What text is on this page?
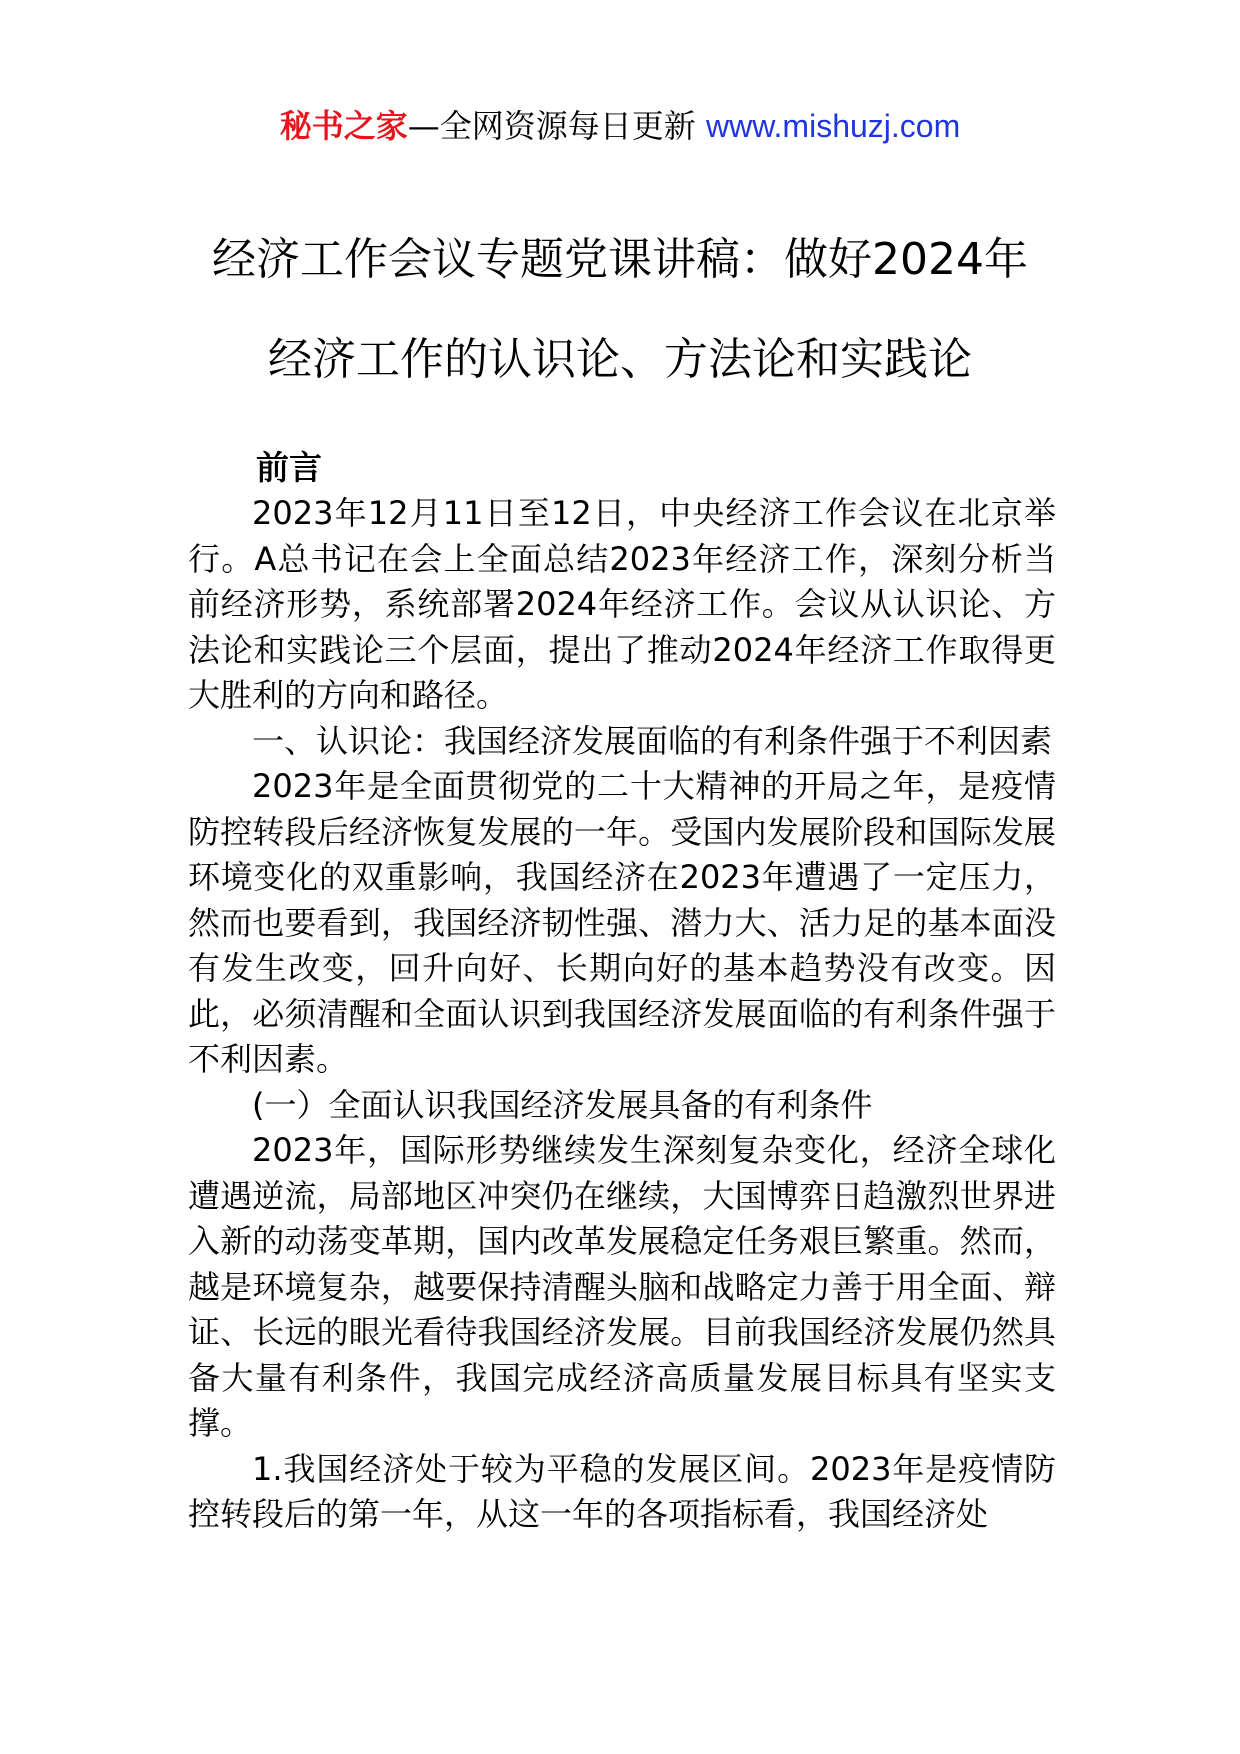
秘书之家—全网资源每日更新 www.mishuzj.com
经济工作会议专题党课讲稿：做好2024年
经济工作的认识论、方法论和实践论
前言

2023年12月11日至12日，中央经济工作会议在北京举行。A总书记在会上全面总结2023年经济工作，深刻分析当前经济形势，系统部署2024年经济工作。会议从认识论、方法论和实践论三个层面，提出了推动2024年经济工作取得更大胜利的方向和路径。

一、认识论：我国经济发展面临的有利条件强于不利因素

2023年是全面贯彻党的二十大精神的开局之年，是疫情防控转段后经济恢复发展的一年。受国内发展阶段和国际发展环境变化的双重影响，我国经济在2023年遭遇了一定压力，然而也要看到，我国经济韧性强、潜力大、活力足的基本面没有发生改变，回升向好、长期向好的基本趋势没有改变。因此，必须清醒和全面认识到我国经济发展面临的有利条件强于不利因素。

(一）全面认识我国经济发展具备的有利条件

2023年，国际形势继续发生深刻复杂变化，经济全球化遭遇逆流，局部地区冲突仍在继续，大国博弈日趋激烈世界进入新的动荡变革期，国内改革发展稳定任务艰巨繁重。然而，越是环境复杂，越要保持清醒头脑和战略定力善于用全面、辩证、长远的眼光看待我国经济发展。目前我国经济发展仍然具备大量有利条件，我国完成经济高质量发展目标具有坚实支撑。

1.我国经济处于较为平稳的发展区间。2023年是疫情防控转段后的第一年，从这一年的各项指标看，我国经济处
